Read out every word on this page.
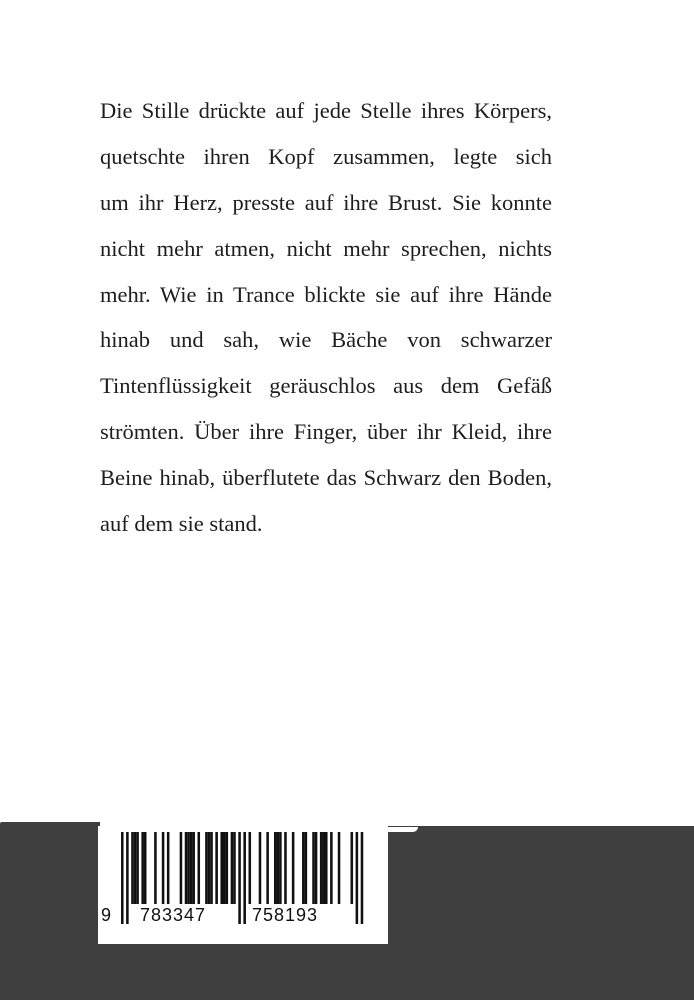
Die Stille drückte auf jede Stelle ihres Körpers,
quetschte ihren Kopf zusammen, legte sich
um ihr Herz, presste auf ihre Brust. Sie konnte
nicht mehr atmen, nicht mehr sprechen, nichts
mehr. Wie in Trance blickte sie auf ihre Hände
hinab und sah, wie Bäche von schwarzer
Tintenflüssigkeit geräuschlos aus dem Gefäß
strömten. Über ihre Finger, über ihr Kleid, ihre
Beine hinab, überflutete das Schwarz den Boden,
auf dem sie stand.
9 783347	758193
